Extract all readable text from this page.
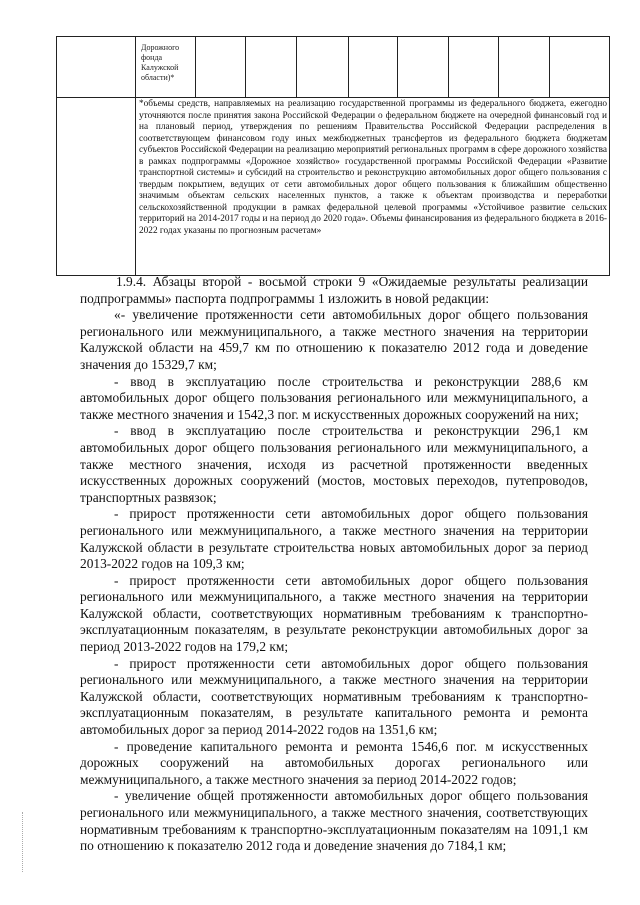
Дорожного фонда Калужской области)*

*объемы средств, направляемых на реализацию государственной программы из федерального бюджета, ежегодно уточняются после принятия закона Российской Федерации о федеральном бюджете на очередной финансовый год и на плановый период, утверждения по решениям Правительства Российской Федерации распределения в соответствующем финансовом году иных межбюджетных трансфертов из федерального бюджета бюджетам субъектов Российской Федерации на реализацию мероприятий региональных программ в сфере дорожного хозяйства в рамках подпрограммы «Дорожное хозяйство» государственной программы Российской Федерации «Развитие транспортной системы» и субсидий на строительство и реконструкцию автомобильных дорог общего пользования с твердым покрытием, ведущих от сети автомобильных дорог общего пользования к ближайшим общественно значимым объектам сельских населенных пунктов, а также к объектам производства и переработки сельскохозяйственной продукции в рамках федеральной целевой программы «Устойчивое развитие сельских территорий на 2014-2017 годы и на период до 2020 года». Объемы финансирования из федерального бюджета в 2016-2022 годах указаны по прогнозным расчетам»

1.9.4. Абзацы второй - восьмой строки 9 «Ожидаемые результаты реализации подпрограммы» паспорта подпрограммы 1 изложить в новой редакции:

«- увеличение протяженности сети автомобильных дорог общего пользования регионального или межмуниципального, а также местного значения на территории Калужской области на 459,7 км по отношению к показателю 2012 года и доведение значения до 15329,7 км;

- ввод в эксплуатацию после строительства и реконструкции 288,6 км автомобильных дорог общего пользования регионального или межмуниципального, а также местного значения и 1542,3 пог. м искусственных дорожных сооружений на них;

- ввод в эксплуатацию после строительства и реконструкции 296,1 км автомобильных дорог общего пользования регионального или межмуниципального, а также местного значения, исходя из расчетной протяженности введенных искусственных дорожных сооружений (мостов, мостовых переходов, путепроводов, транспортных развязок;

- прирост протяженности сети автомобильных дорог общего пользования регионального или межмуниципального, а также местного значения на территории Калужской области в результате строительства новых автомобильных дорог за период 2013-2022 годов на 109,3 км;

- прирост протяженности сети автомобильных дорог общего пользования регионального или межмуниципального, а также местного значения на территории Калужской области, соответствующих нормативным требованиям к транспортно-эксплуатационным показателям, в результате реконструкции автомобильных дорог за период 2013-2022 годов на 179,2 км;

- прирост протяженности сети автомобильных дорог общего пользования регионального или межмуниципального, а также местного значения на территории Калужской области, соответствующих нормативным требованиям к транспортно-эксплуатационным показателям, в результате капитального ремонта и ремонта автомобильных дорог за период 2014-2022 годов на 1351,6 км;

- проведение капитального ремонта и ремонта 1546,6 пог. м искусственных дорожных сооружений на автомобильных дорогах регионального или межмуниципального, а также местного значения за период 2014-2022 годов;

- увеличение общей протяженности автомобильных дорог общего пользования регионального или межмуниципального, а также местного значения, соответствующих нормативным требованиям к транспортно-эксплуатационным показателям на 1091,1 км по отношению к показателю 2012 года и доведение значения до 7184,1 км;
